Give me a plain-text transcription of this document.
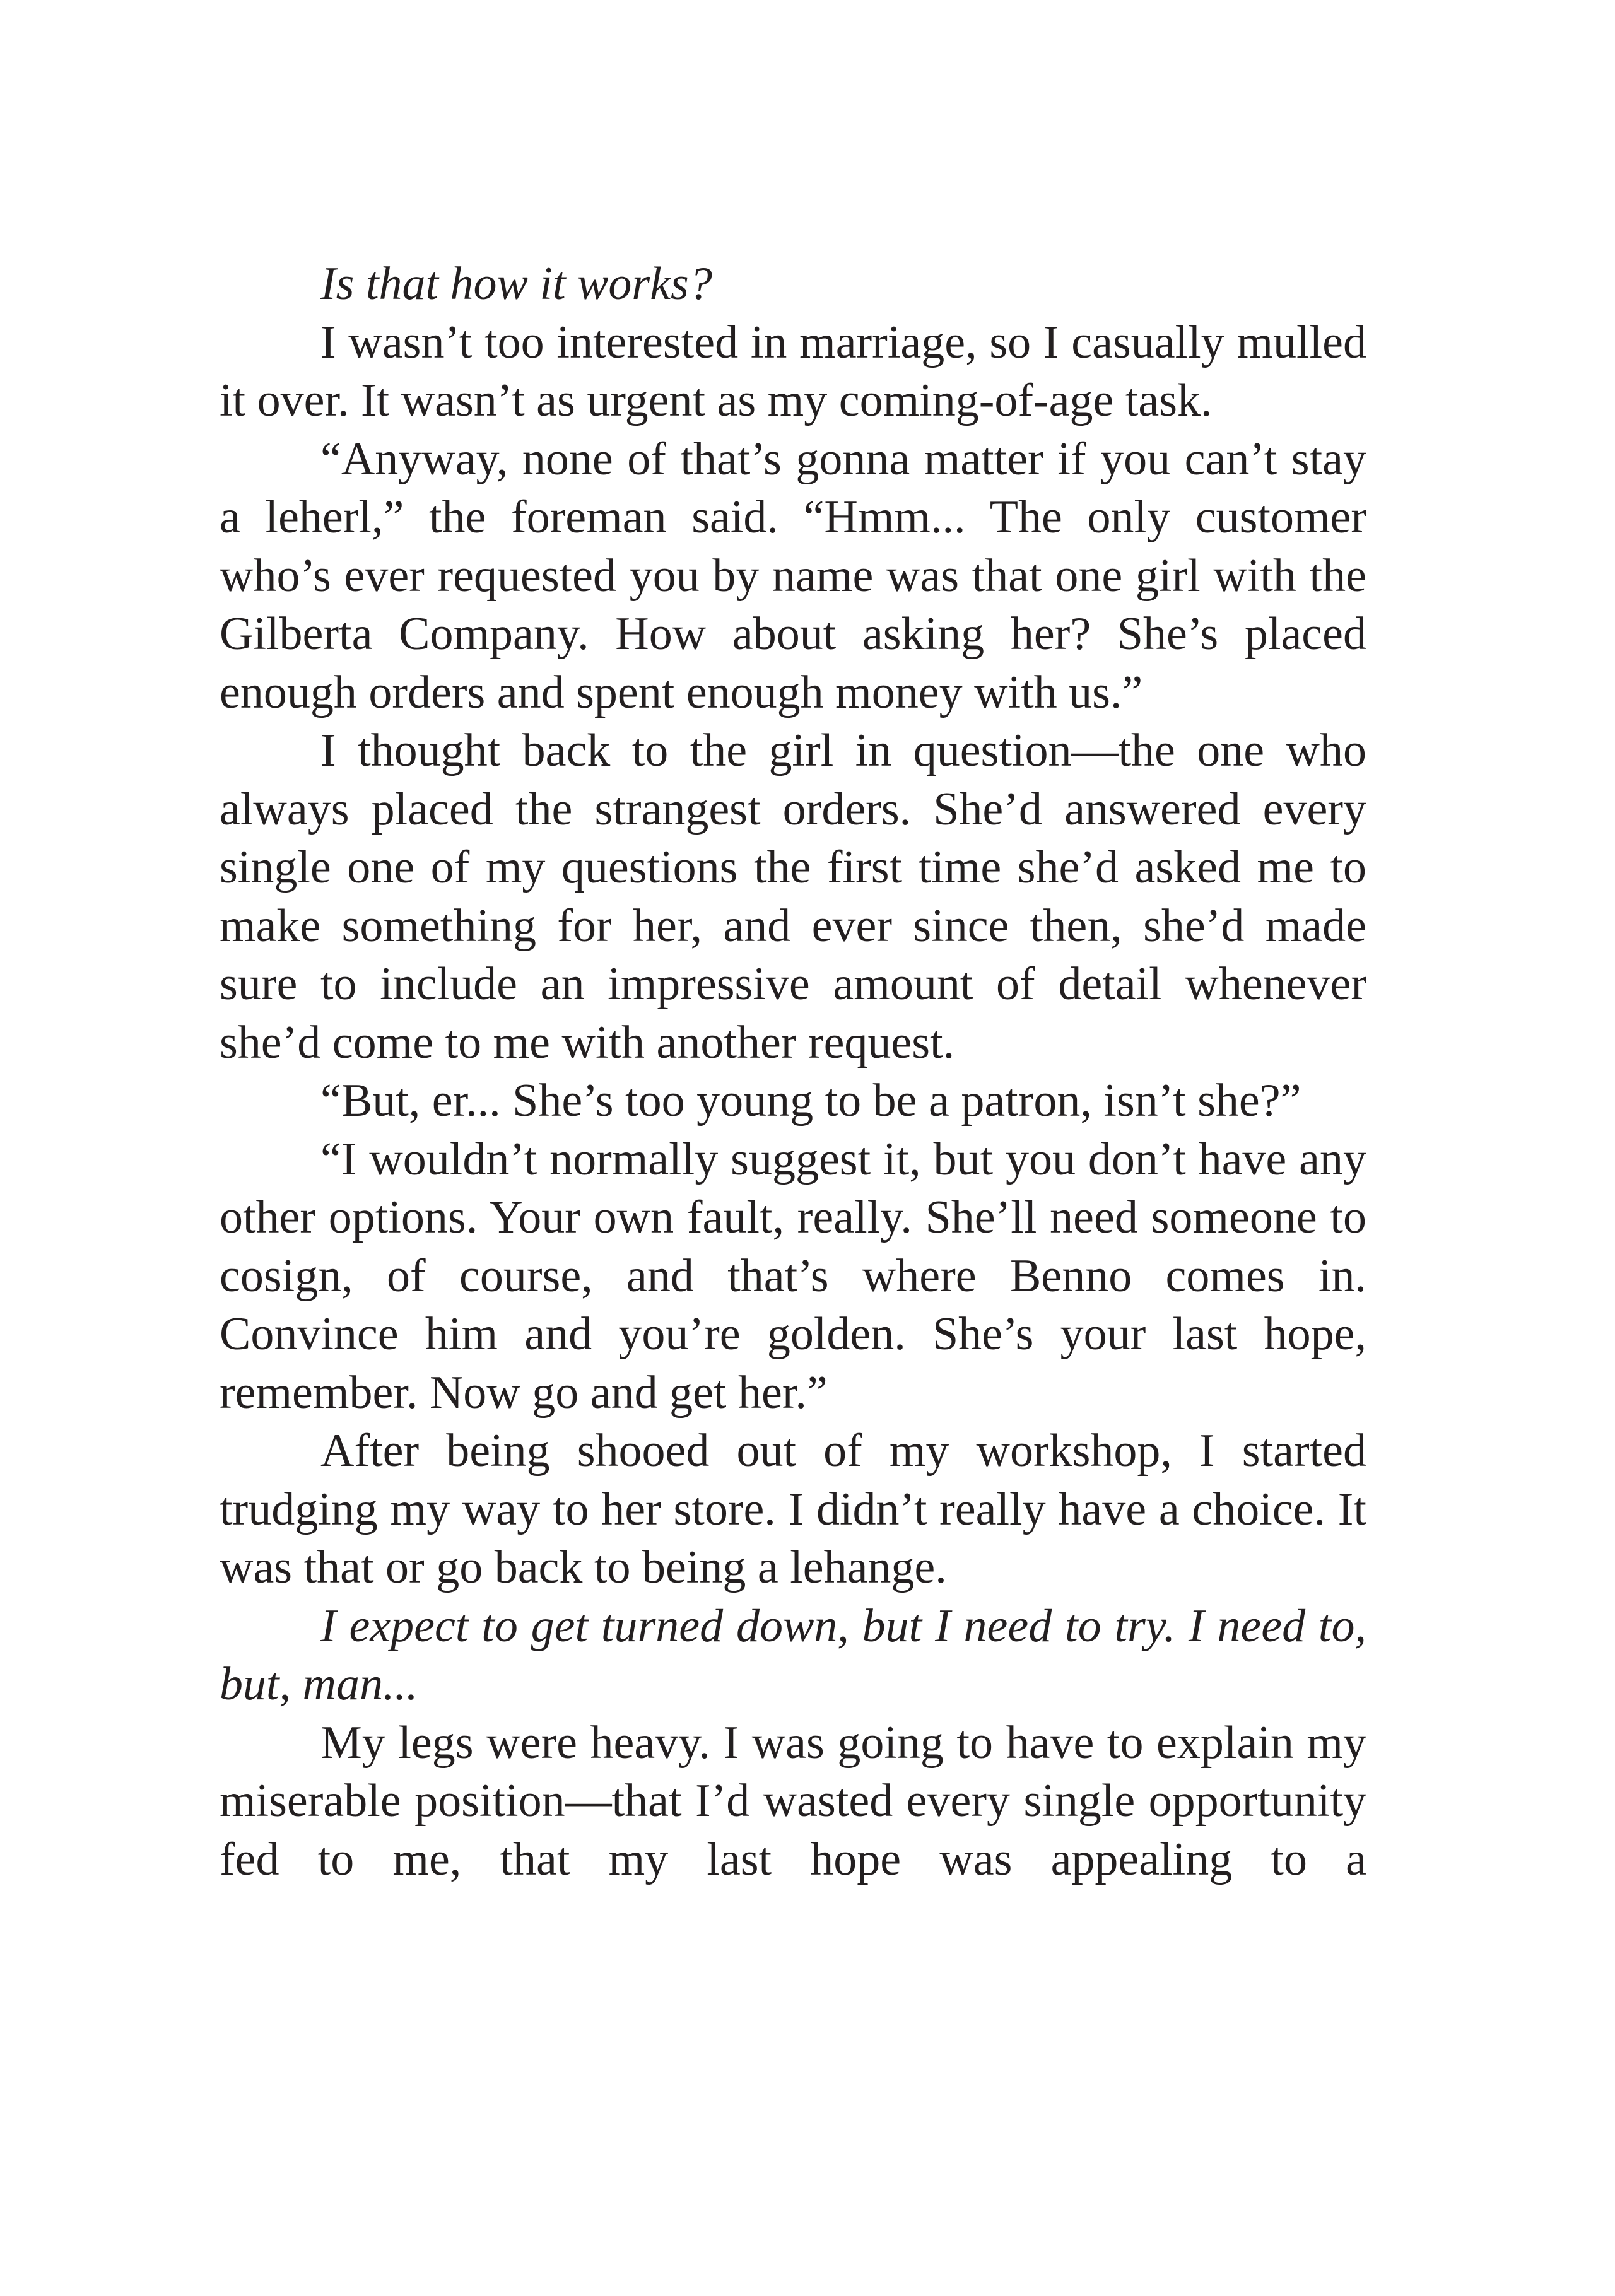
Is that how it works?

I wasn’t too interested in marriage, so I casually mulled it over. It wasn’t as urgent as my coming-of-age task.

“Anyway, none of that’s gonna matter if you can’t stay a leherl,” the foreman said. “Hmm... The only customer who’s ever requested you by name was that one girl with the Gilberta Company. How about asking her? She’s placed enough orders and spent enough money with us.”

I thought back to the girl in question—the one who always placed the strangest orders. She’d answered every single one of my questions the first time she’d asked me to make something for her, and ever since then, she’d made sure to include an impressive amount of detail whenever she’d come to me with another request.

“But, er... She’s too young to be a patron, isn’t she?”

“I wouldn’t normally suggest it, but you don’t have any other options. Your own fault, really. She’ll need someone to cosign, of course, and that’s where Benno comes in. Convince him and you’re golden. She’s your last hope, remember. Now go and get her.”

After being shooed out of my workshop, I started trudging my way to her store. I didn’t really have a choice. It was that or go back to being a lehange.

I expect to get turned down, but I need to try. I need to, but, man...

My legs were heavy. I was going to have to explain my miserable position—that I’d wasted every single opportunity fed to me, that my last hope was appealing to a
